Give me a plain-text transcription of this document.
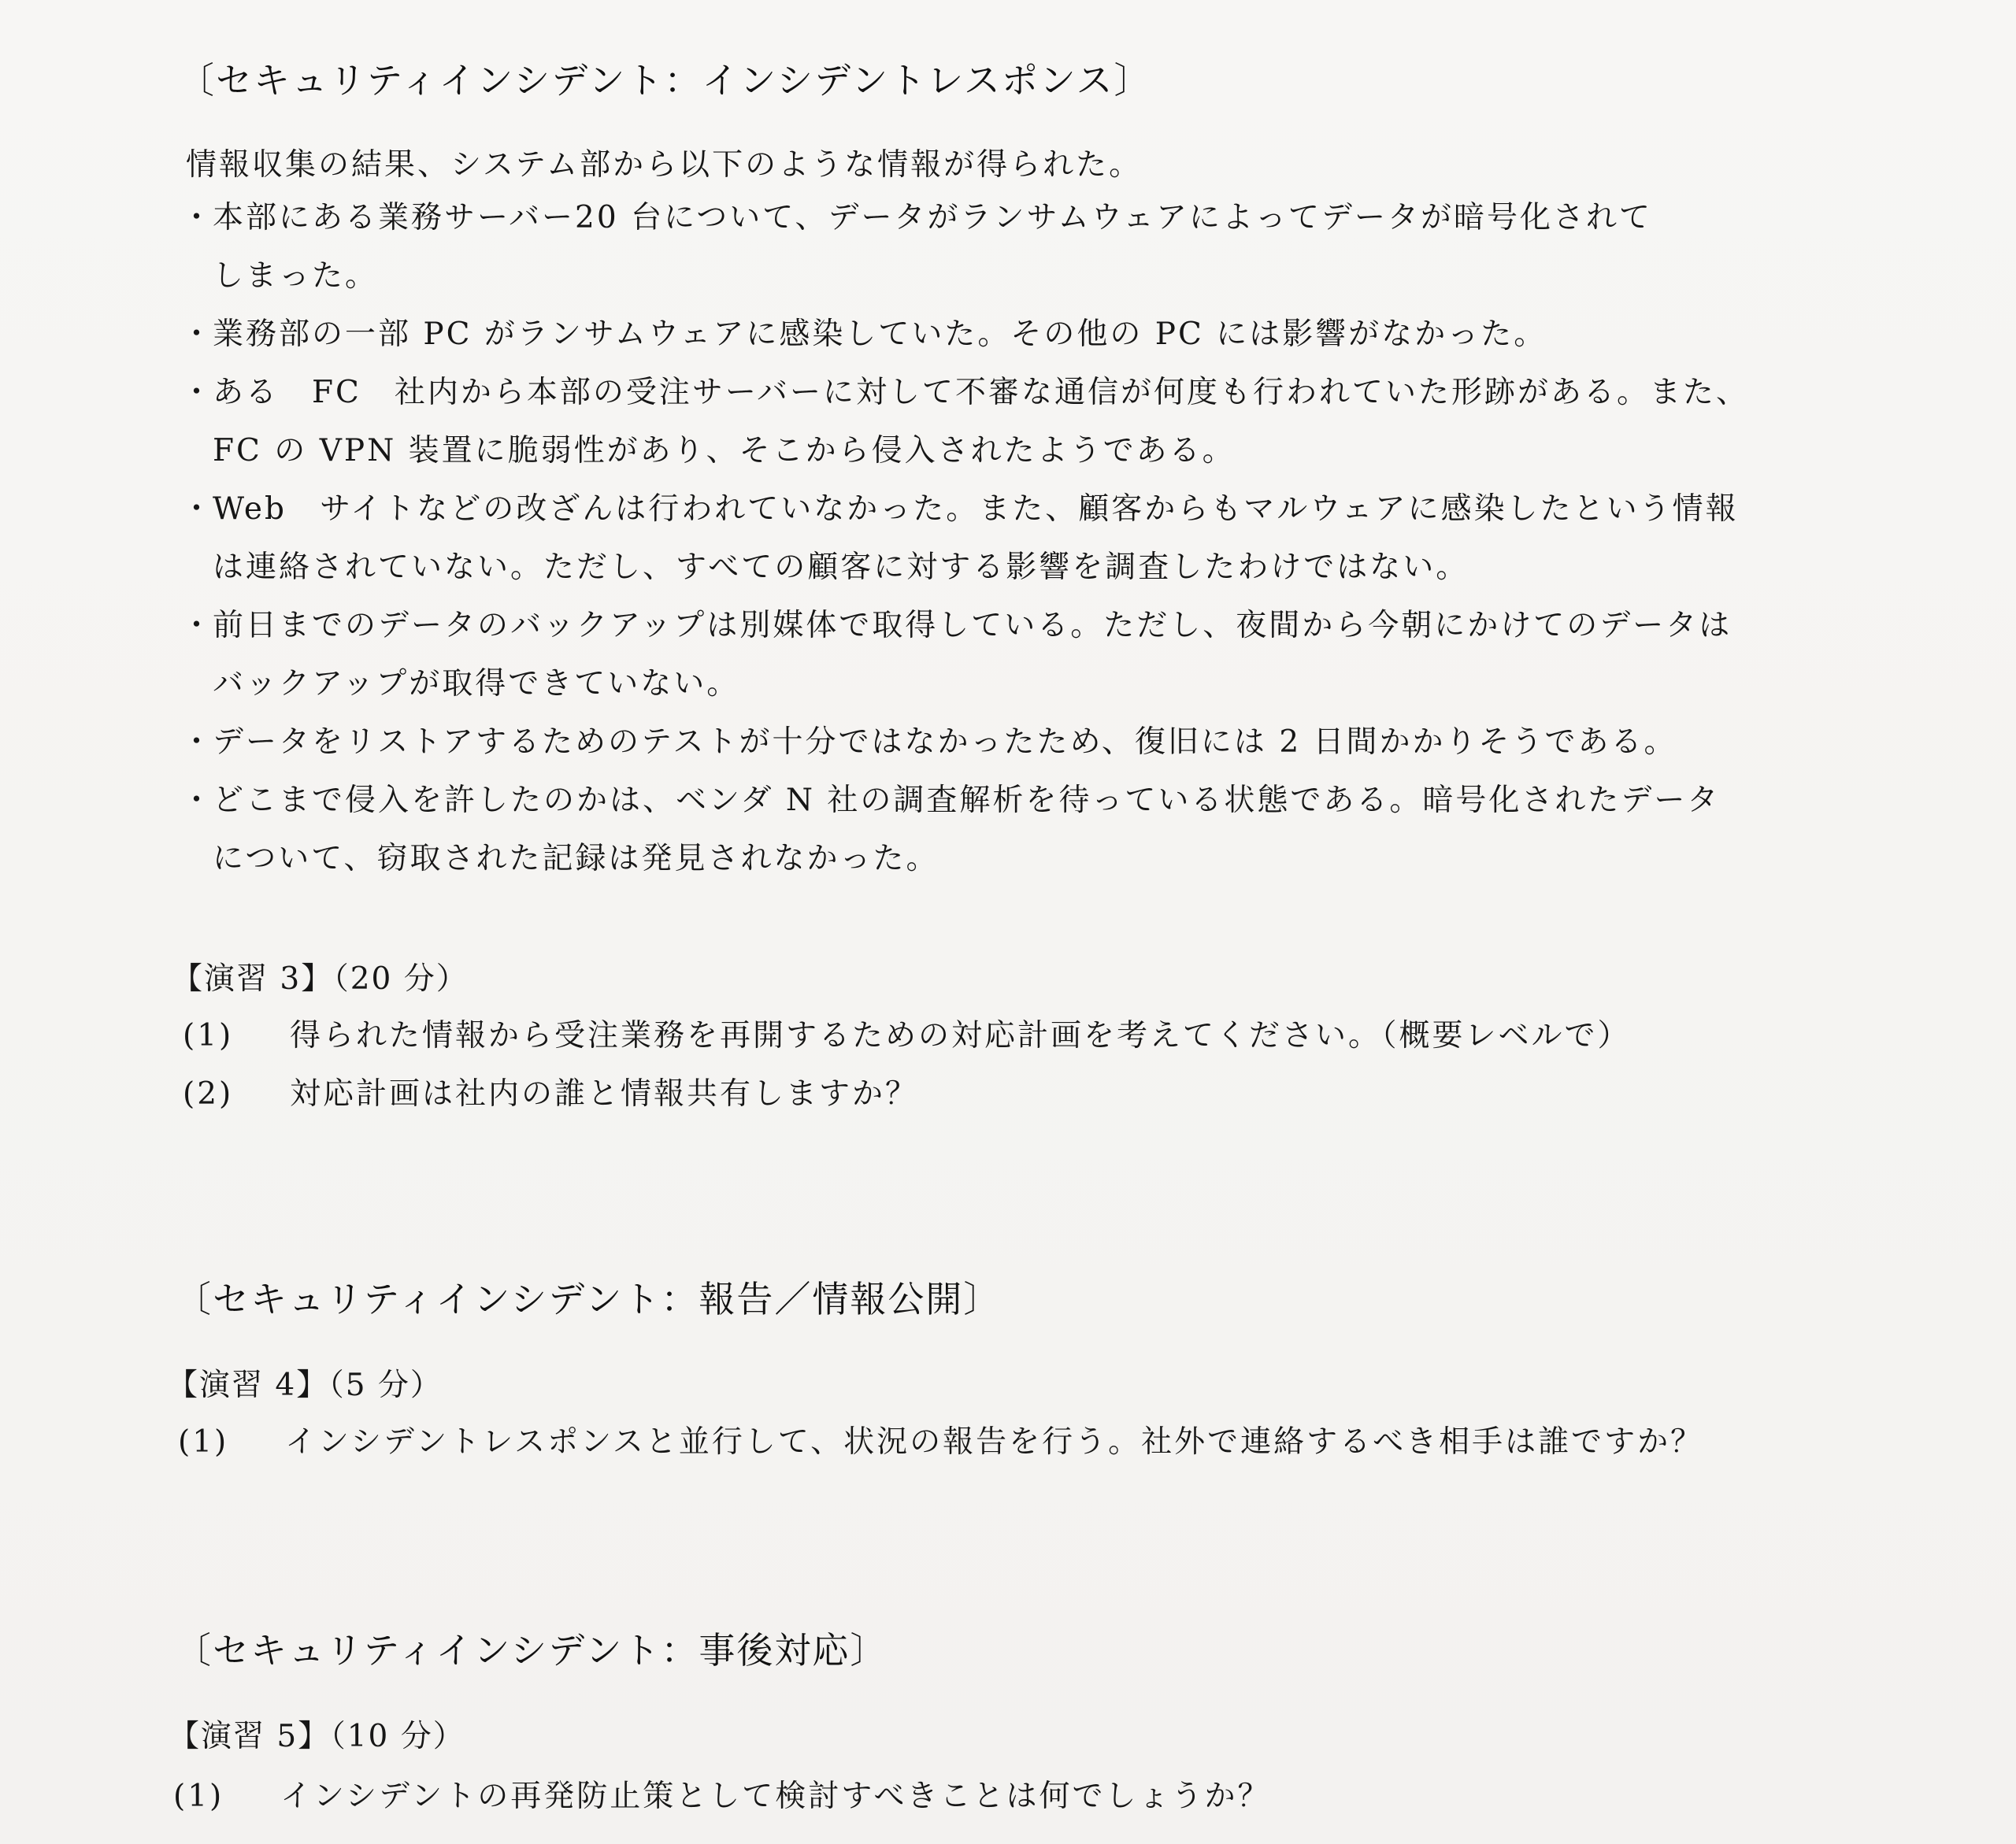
〔セキュリティインシデント：インシデントレスポンス〕
情報収集の結果、システム部から以下のような情報が得られた。
・ 本部にある業務サーバー20 台について、データがランサムウェアによってデータが暗号化されて
しまった。
・ 業務部の一部 PC がランサムウェアに感染していた。その他の PC には影響がなかった。
・ ある　FC　社内から本部の受注サーバーに対して不審な通信が何度も行われていた形跡がある。また、
FC の VPN 装置に脆弱性があり、そこから侵入されたようである。
・ Web　サイトなどの改ざんは行われていなかった。また、顧客からもマルウェアに感染したという情報
は連絡されていない。ただし、すべての顧客に対する影響を調査したわけではない。
・ 前日までのデータのバックアップは別媒体で取得している。ただし、夜間から今朝にかけてのデータは
バックアップが取得できていない。
・ データをリストアするためのテストが十分ではなかったため、復旧には 2 日間かかりそうである。
・ どこまで侵入を許したのかは、ベンダ N 社の調査解析を待っている状態である。暗号化されたデータ
について、窃取された記録は発見されなかった。
【演習 3】（20 分）
(1) 得られた情報から受注業務を再開するための対応計画を考えてください。（概要レベルで）
(2) 対応計画は社内の誰と情報共有しますか？
〔セキュリティインシデント：報告／情報公開〕
【演習 4】（5 分）
(1) インシデントレスポンスと並行して、状況の報告を行う。社外で連絡するべき相手は誰ですか？
〔セキュリティインシデント：事後対応〕
【演習 5】（10 分）
(1) インシデントの再発防止策として検討すべきことは何でしょうか？
